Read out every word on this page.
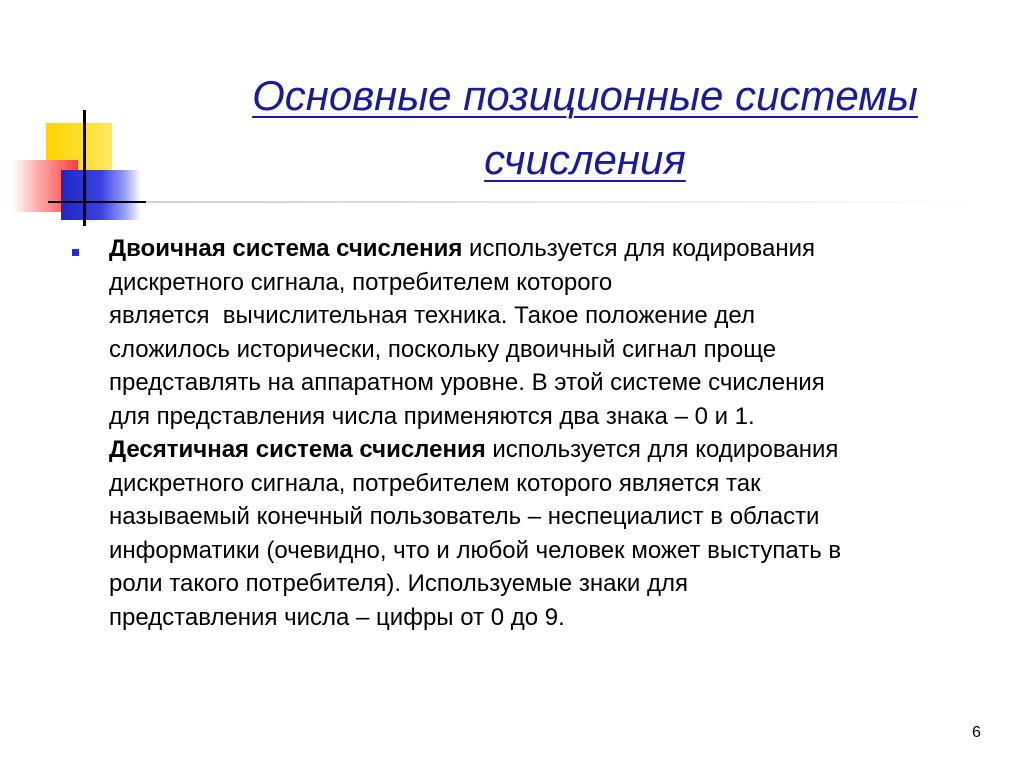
Основные позиционные системы
счисления

Двоичная система счисления используется для кодирования
дискретного сигнала, потребителем которого
является  вычислительная техника. Такое положение дел
сложилось исторически, поскольку двоичный сигнал проще
представлять на аппаратном уровне. В этой системе счисления
для представления числа применяются два знака – 0 и 1.
Десятичная система счисления используется для кодирования
дискретного сигнала, потребителем которого является так
называемый конечный пользователь – неспециалист в области
информатики (очевидно, что и любой человек может выступать в
роли такого потребителя). Используемые знаки для
представления числа – цифры от 0 до 9.

6
